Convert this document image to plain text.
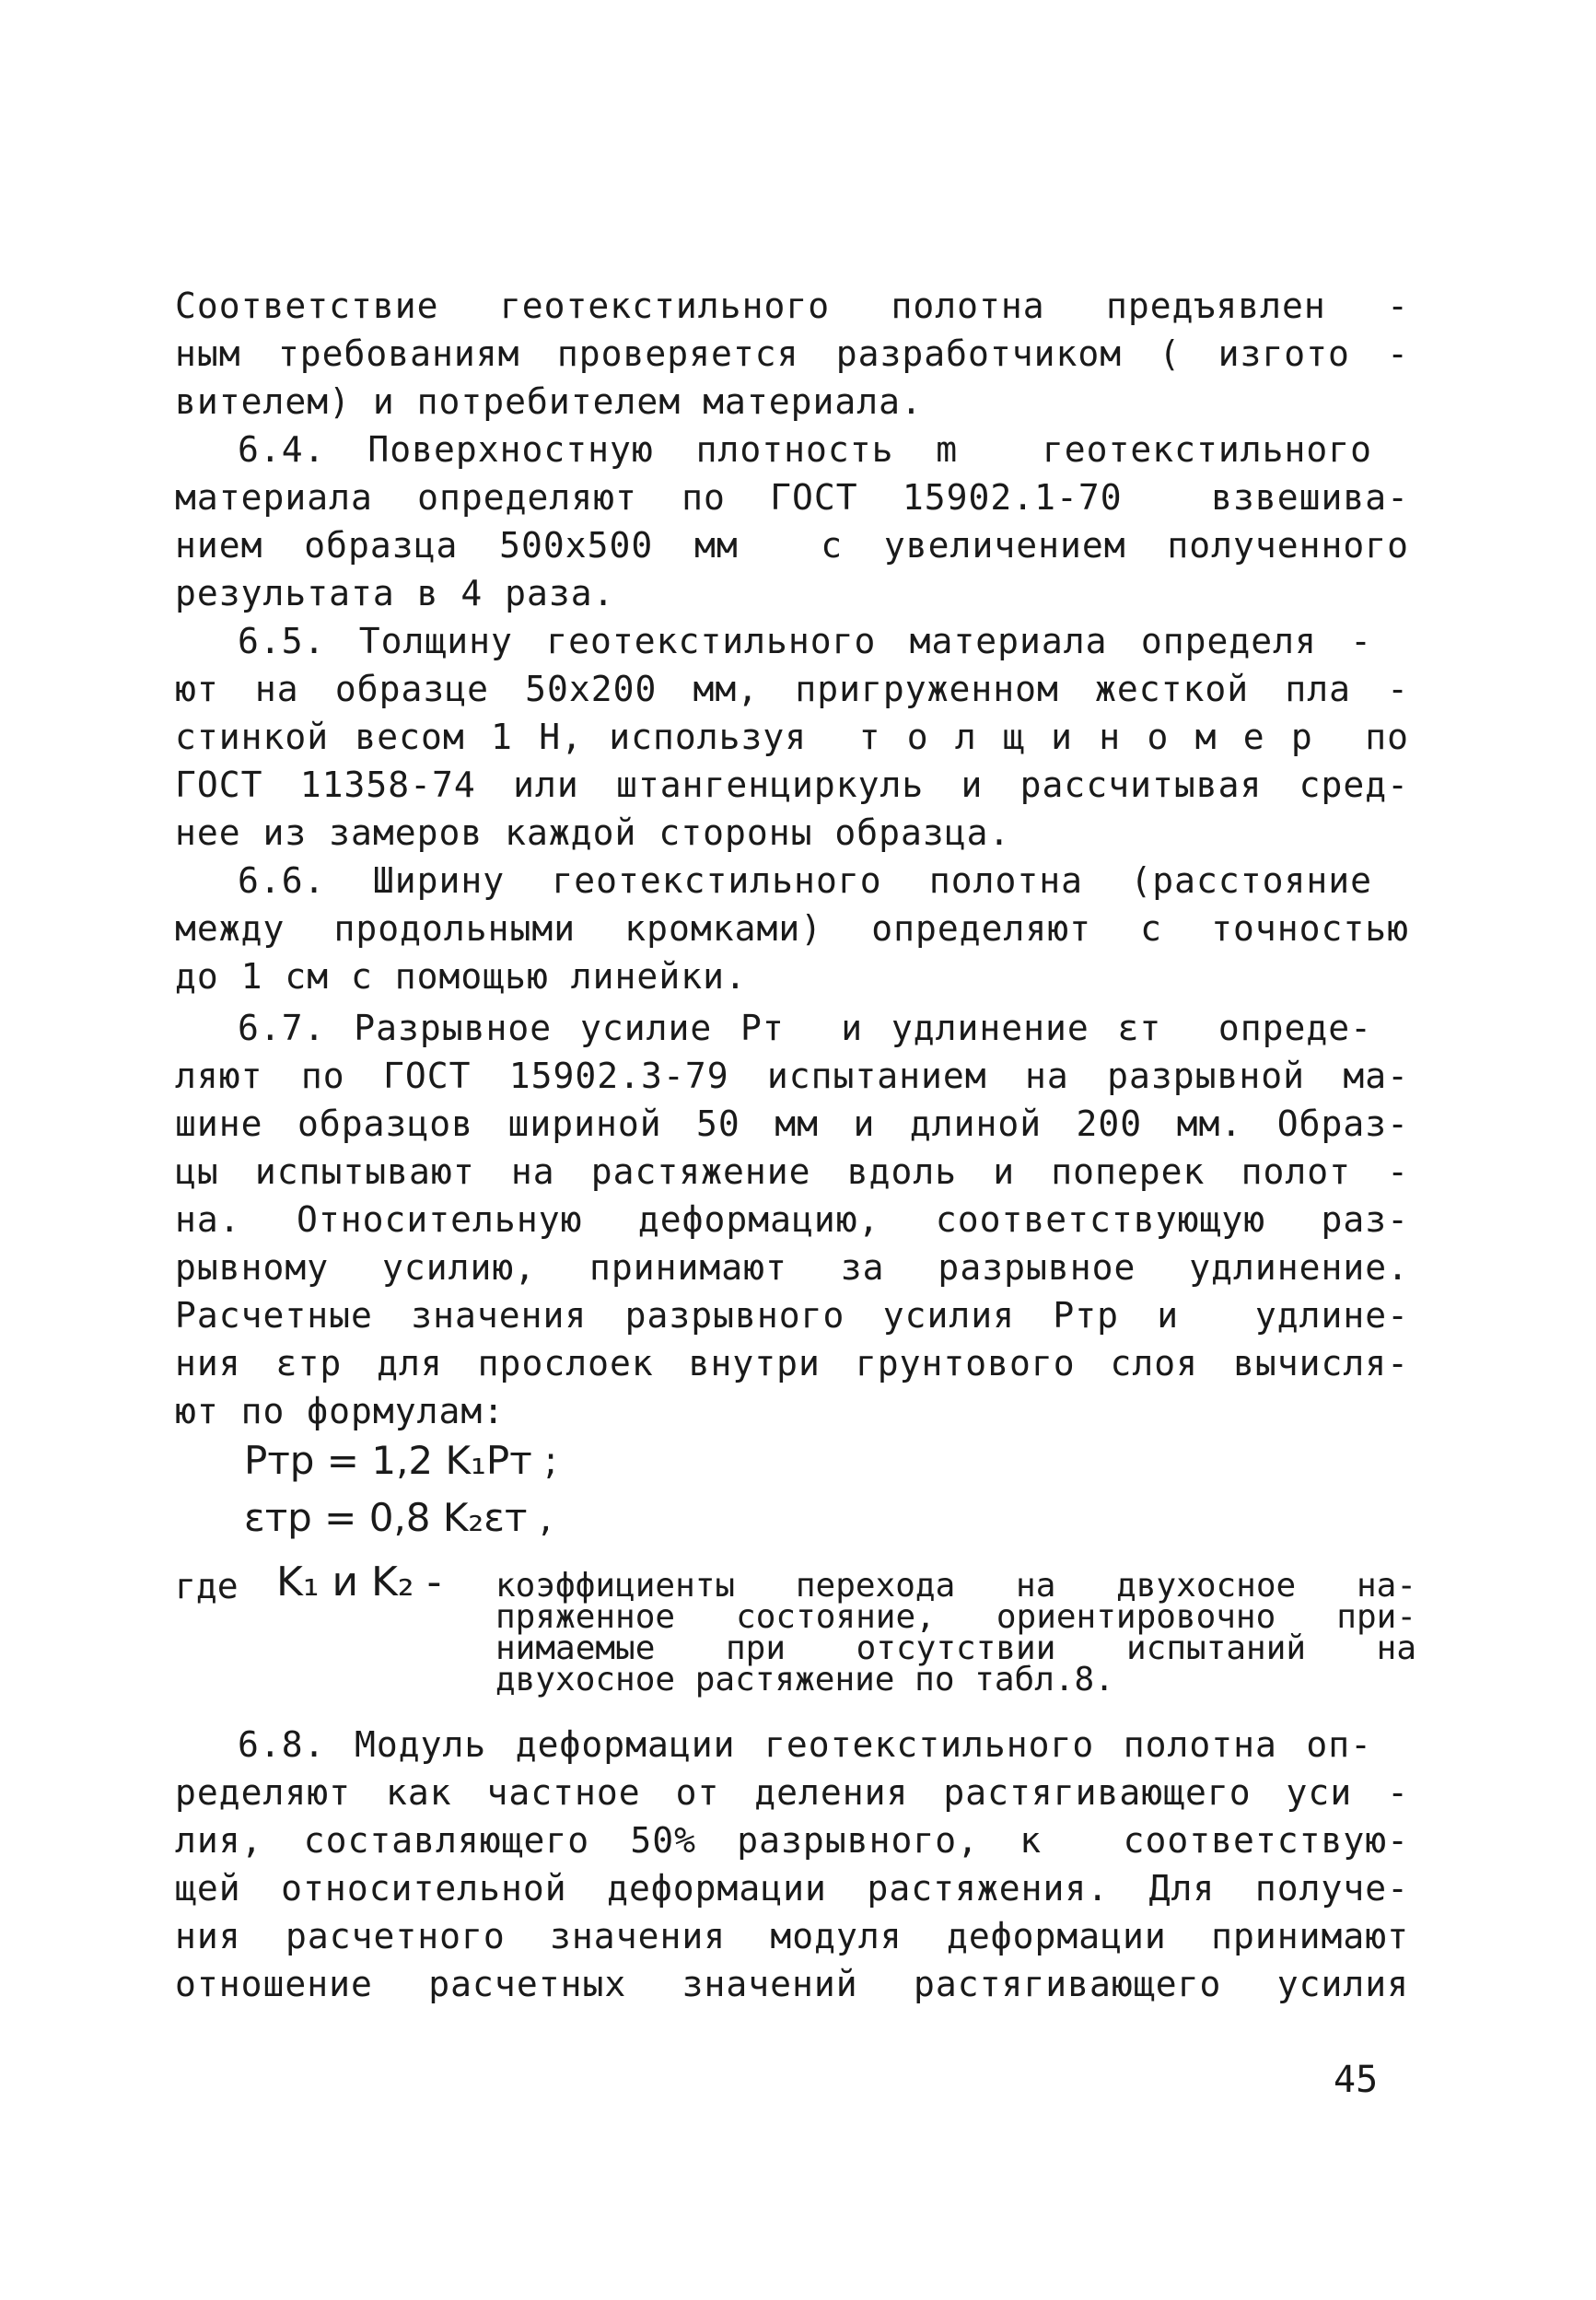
Соответствие геотекстильного полотна предъявлен -
ным требованиям проверяется разработчиком ( изгото -
вителем) и потребителем материала.
6.4. Поверхностную плотность m  геотекстильного
материала определяют по ГОСТ 15902.1-70  взвешива-
нием образца 500х500 мм  с увеличением полученного
результата в 4 раза.
6.5. Толщину геотекстильного материала определя -
ют на образце 50х200 мм, пригруженном жесткой пла -
стинкой весом 1 Н, используя  т о л щ и н о м е р  по
ГОСТ 11358-74 или штангенциркуль и рассчитывая сред-
нее из замеров каждой стороны образца.
6.6. Ширину геотекстильного полотна (расстояние
между продольными кромками) определяют с точностью
до 1 см с помощью линейки.
6.7. Разрывное усилие Pт  и удлинение εт  опреде-
ляют по ГОСТ 15902.3-79 испытанием на разрывной ма-
шине образцов шириной 50 мм и длиной 200 мм. Образ-
цы испытывают на растяжение вдоль и поперек полот -
на. Относительную деформацию, соответствующую раз-
рывному усилию, принимают за разрывное удлинение.
Расчетные значения разрывного усилия Pтр и  удлине-
ния εтр для прослоек внутри грунтового слоя вычисля-
ют по формулам:
Pтр = 1,2 K₁Pт ;
εтр = 0,8 K₂εт ,
где K₁ и K₂ - коэффициенты перехода на двухосное на-
пряженное состояние, ориентировочно при-
нимаемые при отсутствии испытаний на
двухосное растяжение по табл.8.
6.8. Модуль деформации геотекстильного полотна оп-
ределяют как частное от деления растягивающего уси -
лия, составляющего 50% разрывного, к  соответствую-
щей относительной деформации растяжения. Для получе-
ния расчетного значения модуля деформации принимают
отношение расчетных значений растягивающего усилия
45
